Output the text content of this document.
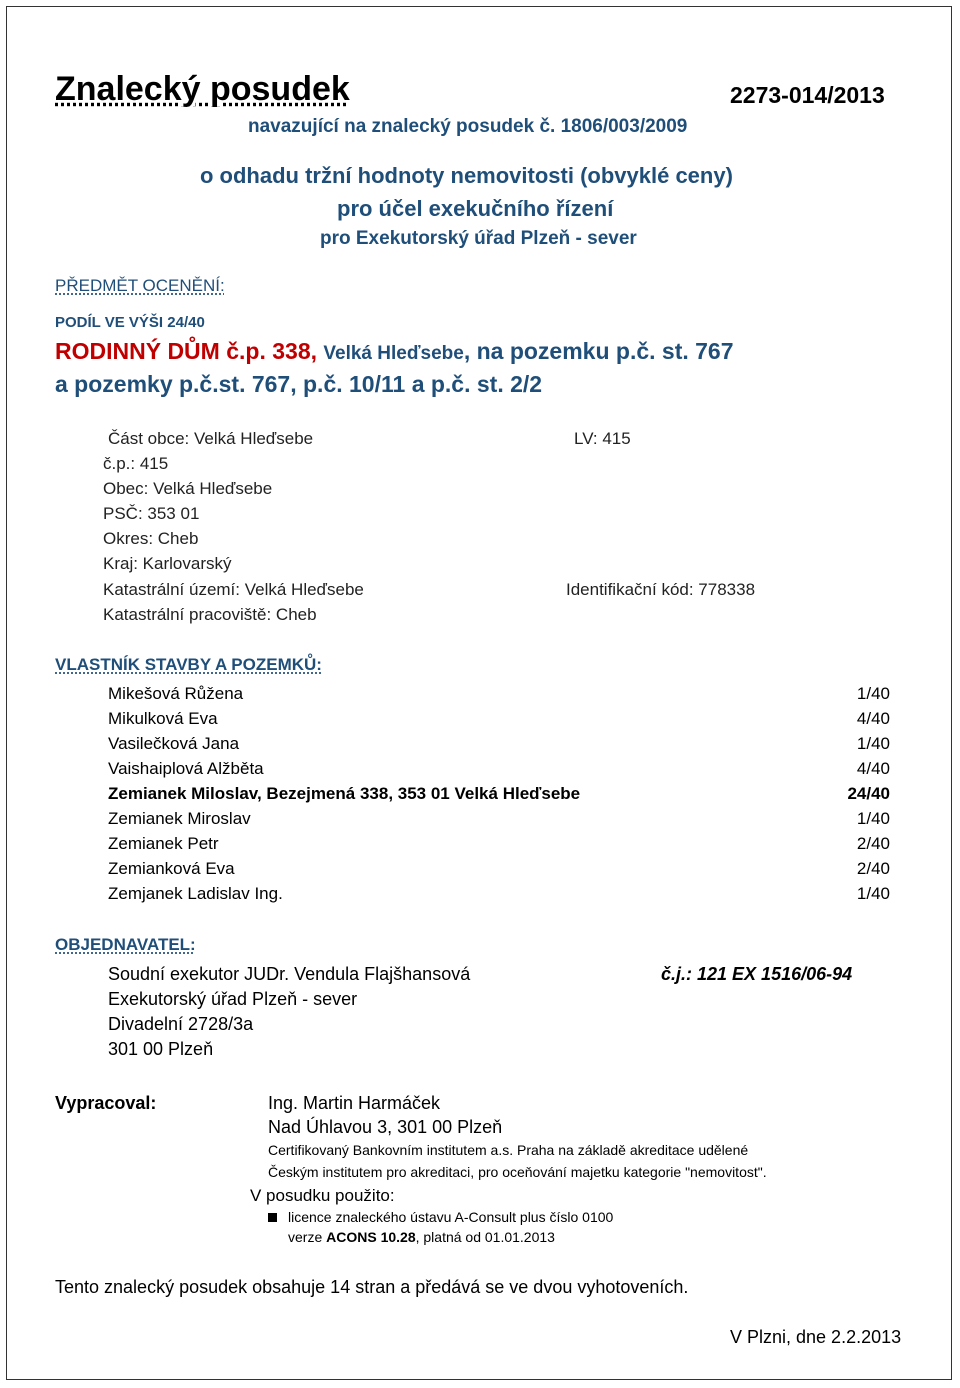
Znalecký posudek	2273-014/2013
navazující na znalecký posudek č. 1806/003/2009
o odhadu tržní hodnoty nemovitosti (obvyklé ceny)
pro účel exekučního řízení
pro Exekutorský úřad Plzeň - sever
PŘEDMĚT OCENĚNÍ:
PODÍL VE VÝŠI 24/40
RODINNÝ DŮM č.p. 338, Velká Hleďsebe, na pozemku p.č. st. 767
a pozemky p.č.st. 767, p.č. 10/11 a p.č. st. 2/2
Část obce: Velká Hleďsebe	LV: 415
č.p.: 415
Obec: Velká Hleďsebe
PSČ: 353 01
Okres: Cheb
Kraj: Karlovarský
Katastrální území: Velká Hleďsebe	Identifikační kód: 778338
Katastrální pracoviště: Cheb
VLASTNÍK STAVBY A POZEMKŮ:
Mikešová Růžena	1/40
Mikulková Eva	4/40
Vasilečková Jana	1/40
Vaishaiplová Alžběta	4/40
Zemianek Miloslav, Bezejmená 338, 353 01 Velká Hleďsebe	24/40
Zemianek Miroslav	1/40
Zemianek Petr	2/40
Zemianková Eva	2/40
Zemjanek Ladislav Ing.	1/40
OBJEDNAVATEL:
Soudní exekutor JUDr. Vendula Flajšhansová	č.j.: 121 EX 1516/06-94
Exekutorský úřad Plzeň - sever
Divadelní 2728/3a
301 00 Plzeň
Vypracoval:	Ing. Martin Harmáček
Nad Úhlavou 3, 301 00 Plzeň
Certifikovaný Bankovním institutem a.s. Praha na základě akreditace udělené
Českým institutem pro akreditaci, pro oceňování majetku kategorie "nemovitost".
V posudku použito:
licence znaleckého ústavu A-Consult plus číslo 0100
verze ACONS 10.28, platná od 01.01.2013
Tento znalecký posudek obsahuje 14 stran a předává se ve dvou vyhotoveních.
V Plzni, dne 2.2.2013
